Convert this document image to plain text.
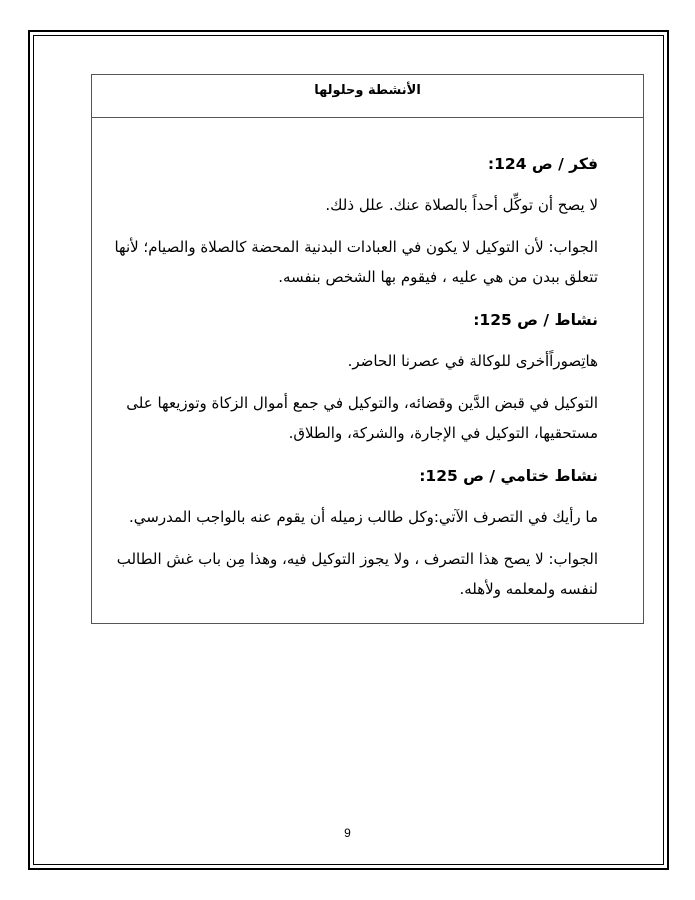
الأنشطة وحلولها
فكر / ص 124:
لا يصح أن توكِّل أحداً بالصلاة عنك. علل ذلك.
الجواب: لأن التوكيل لا يكون في العبادات البدنية المحضة كالصلاة والصيام؛ لأنها
تتعلق ببدن من هي عليه ، فيقوم بها الشخص بنفسه.
نشاط / ص 125:
هاتِصوراًأخرى للوكالة في عصرنا الحاضر.
التوكيل في قبض الدَّين وقضائه، والتوكيل في جمع أموال الزكاة وتوزيعها على
مستحقيها، التوكيل في الإجارة، والشركة، والطلاق.
نشاط ختامي / ص 125:
ما رأيك في التصرف الآتي:وكل طالب زميله أن يقوم عنه بالواجب المدرسي.
الجواب: لا يصح هذا التصرف ، ولا يجوز التوكيل فيه، وهذا مِن باب غش الطالب
لنفسه ولمعلمه ولأهله.
9
